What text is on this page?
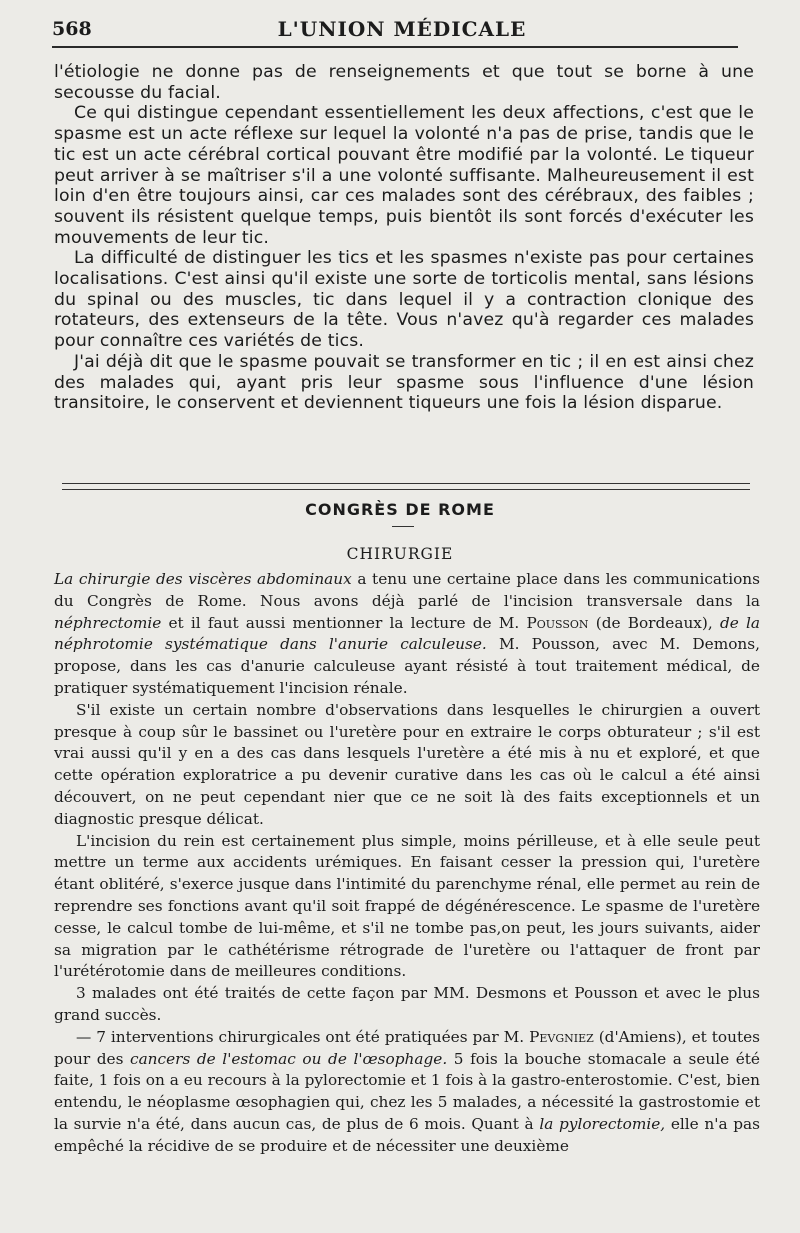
568	L'UNION MÉDICALE

l'étiologie ne donne pas de renseignements et que tout se borne à une secousse du facial.

Ce qui distingue cependant essentiellement les deux affections, c'est que le spasme est un acte réflexe sur lequel la volonté n'a pas de prise, tandis que le tic est un acte cérébral cortical pouvant être modifié par la volonté. Le tiqueur peut arriver à se maîtriser s'il a une volonté suffisante. Malheureusement il est loin d'en être toujours ainsi, car ces malades sont des cérébraux, des faibles ; souvent ils résistent quelque temps, puis bientôt ils sont forcés d'exécuter les mouvements de leur tic.

La difficulté de distinguer les tics et les spasmes n'existe pas pour certaines localisations. C'est ainsi qu'il existe une sorte de torticolis mental, sans lésions du spinal ou des muscles, tic dans lequel il y a contraction clonique des rotateurs, des extenseurs de la tête. Vous n'avez qu'à regarder ces malades pour connaître ces variétés de tics.

J'ai déjà dit que le spasme pouvait se transformer en tic ; il en est ainsi chez des malades qui, ayant pris leur spasme sous l'influence d'une lésion transitoire, le conservent et deviennent tiqueurs une fois la lésion disparue.

CONGRÈS DE ROME
CHIRURGIE

La chirurgie des viscères abdominaux a tenu une certaine place dans les communications du Congrès de Rome. Nous avons déjà parlé de l'incision transversale dans la néphrectomie et il faut aussi mentionner la lecture de M. Pousson (de Bordeaux), de la néphrotomie systématique dans l'anurie calculeuse. M. Pousson, avec M. Demons, propose, dans les cas d'anurie calculeuse ayant résisté à tout traitement médical, de pratiquer systématiquement l'incision rénale.

S'il existe un certain nombre d'observations dans lesquelles le chirurgien a ouvert presque à coup sûr le bassinet ou l'uretère pour en extraire le corps obturateur ; s'il est vrai aussi qu'il y en a des cas dans lesquels l'uretère a été mis à nu et exploré, et que cette opération exploratrice a pu devenir curative dans les cas où le calcul a été ainsi découvert, on ne peut cependant nier que ce ne soit là des faits exceptionnels et un diagnostic presque délicat.

L'incision du rein est certainement plus simple, moins périlleuse, et à elle seule peut mettre un terme aux accidents urémiques. En faisant cesser la pression qui, l'uretère étant oblitéré, s'exerce jusque dans l'intimité du parenchyme rénal, elle permet au rein de reprendre ses fonctions avant qu'il soit frappé de dégénérescence. Le spasme de l'uretère cesse, le calcul tombe de lui-même, et s'il ne tombe pas,on peut, les jours suivants, aider sa migration par le cathétérisme rétrograde de l'uretère ou l'attaquer de front par l'urétérotomie dans de meilleures conditions.

3 malades ont été traités de cette façon par MM. Desmons et Pousson et avec le plus grand succès.

— 7 interventions chirurgicales ont été pratiquées par M. Pevgniez (d'Amiens), et toutes pour des cancers de l'estomac ou de l'œsophage. 5 fois la bouche stomacale a seule été faite, 1 fois on a eu recours à la pylorectomie et 1 fois à la gastro-enterostomie. C'est, bien entendu, le néoplasme œsophagien qui, chez les 5 malades, a nécessité la gastrostomie et la survie n'a été, dans aucun cas, de plus de 6 mois. Quant à la pylorectomie, elle n'a pas empêché la récidive de se produire et de nécessiter une deuxième
